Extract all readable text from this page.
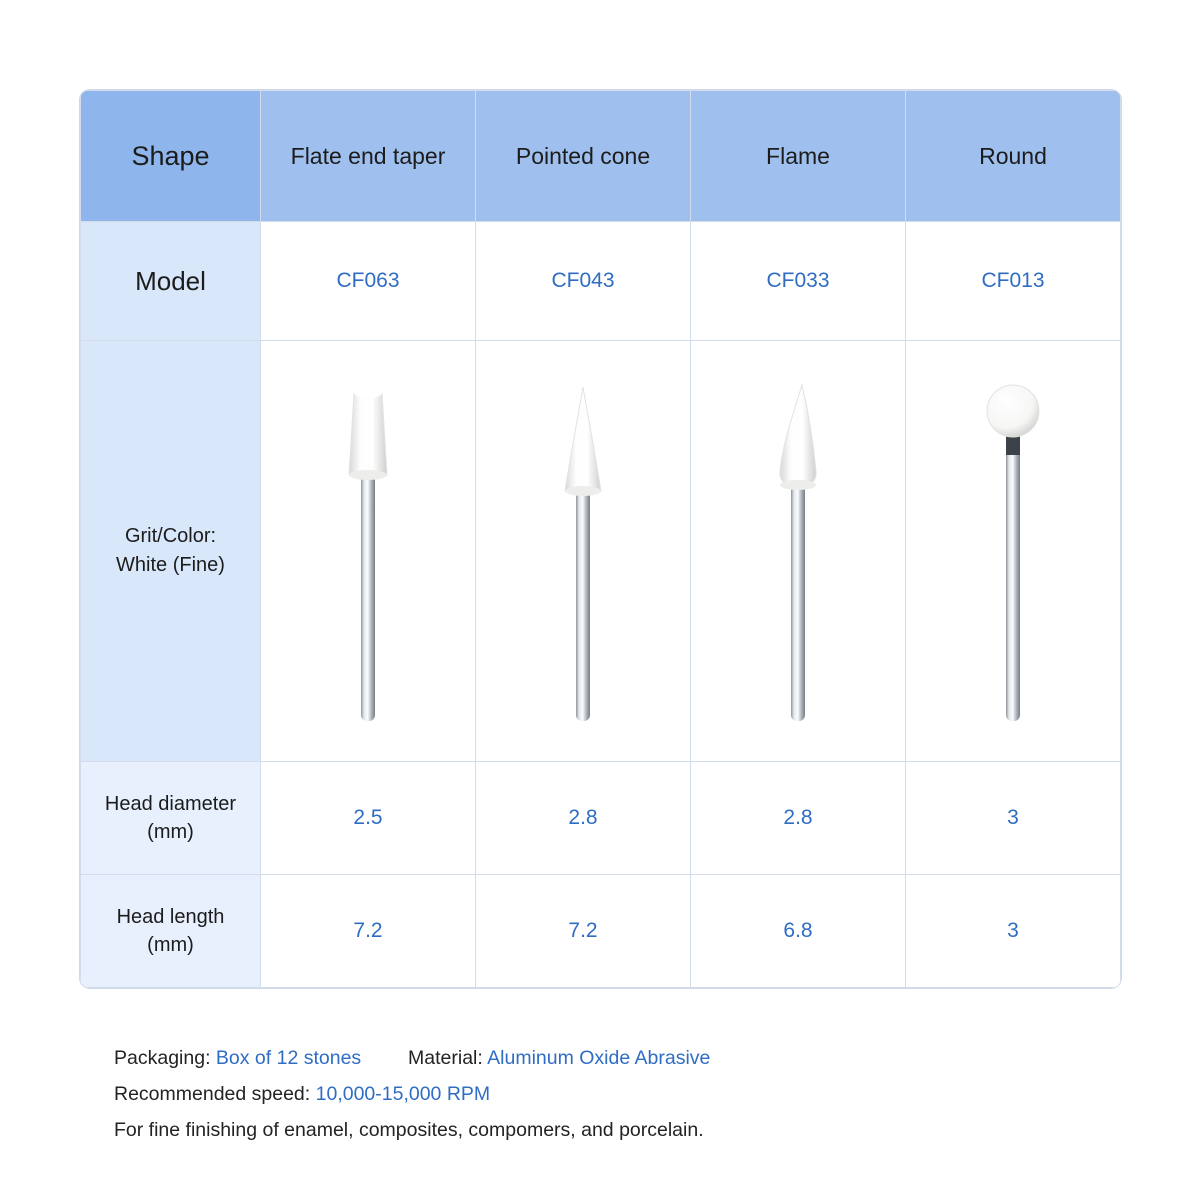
Shape	Flate end taper	Pointed cone	Flame	Round

Model	CF063	CF043	CF033	CF013

Grit/Color:
White (Fine)

Head diameter
(mm)	2.5	2.8	2.8	3

Head length
(mm)	7.2	7.2	6.8	3
Packaging: Box of 12 stones Material: Aluminum Oxide Abrasive
Recommended speed: 10,000-15,000 RPM
For fine finishing of enamel, composites, compomers, and porcelain.
